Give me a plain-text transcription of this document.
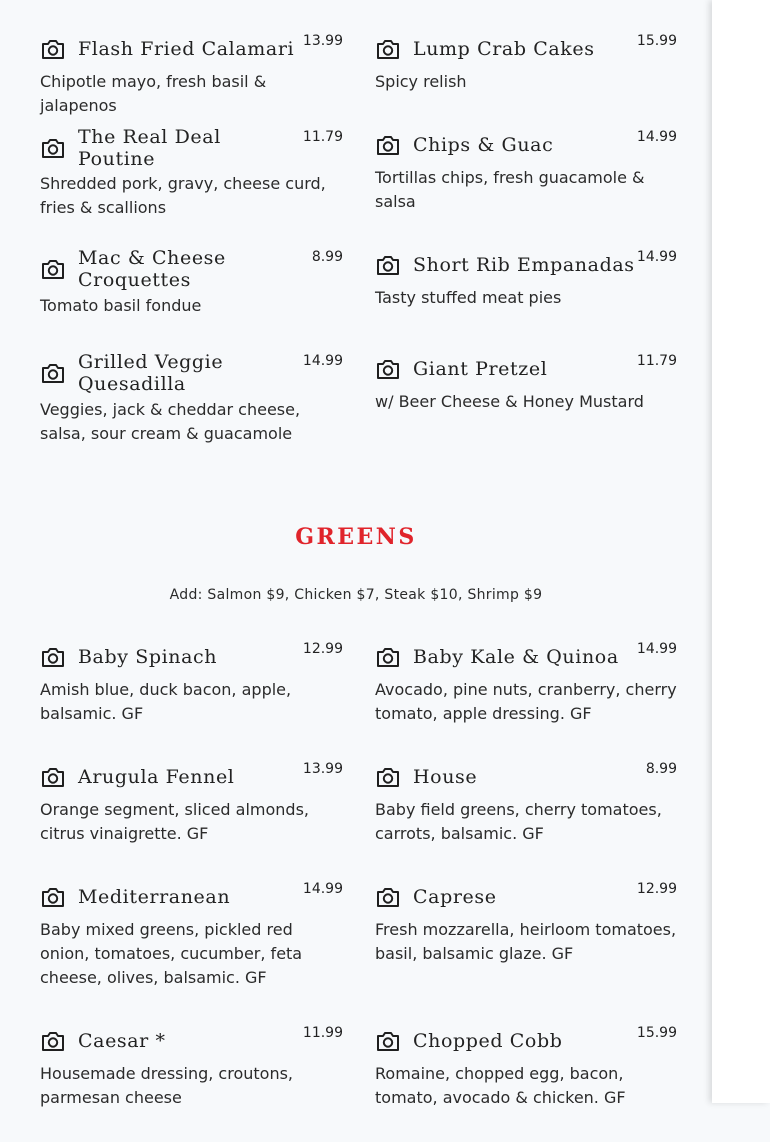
Flash Fried Calamari 13.99
Chipotle mayo, fresh basil & jalapenos
Lump Crab Cakes	15.99
Spicy relish
The Real Deal Poutine
11.79
Shredded pork, gravy, cheese curd, fries & scallions
Chips & Guac	14.99
Tortillas chips, fresh guacamole & salsa
Mac & Cheese Croquettes
8.99
Tomato basil fondue
Short Rib Empanadas 14.99
Tasty stuffed meat pies
Grilled Veggie Quesadilla
14.99
Veggies, jack & cheddar cheese, salsa, sour cream & guacamole
Giant Pretzel	11.79
w/ Beer Cheese & Honey Mustard
GREENS
Add: Salmon $9, Chicken $7, Steak $10, Shrimp $9
Baby Spinach	12.99
Amish blue, duck bacon, apple, balsamic. GF
Baby Kale & Quinoa 14.99
Avocado, pine nuts, cranberry, cherry tomato, apple dressing. GF
Arugula Fennel	13.99
Orange segment, sliced almonds, citrus vinaigrette. GF
House	8.99
Baby field greens, cherry tomatoes, carrots, balsamic. GF
Mediterranean	14.99
Baby mixed greens, pickled red onion, tomatoes, cucumber, feta cheese, olives, balsamic. GF
Caprese	12.99
Fresh mozzarella, heirloom tomatoes, basil, balsamic glaze. GF
Caesar *	11.99
Housemade dressing, croutons, parmesan cheese
Chopped Cobb	15.99
Romaine, chopped egg, bacon, tomato, avocado & chicken. GF
